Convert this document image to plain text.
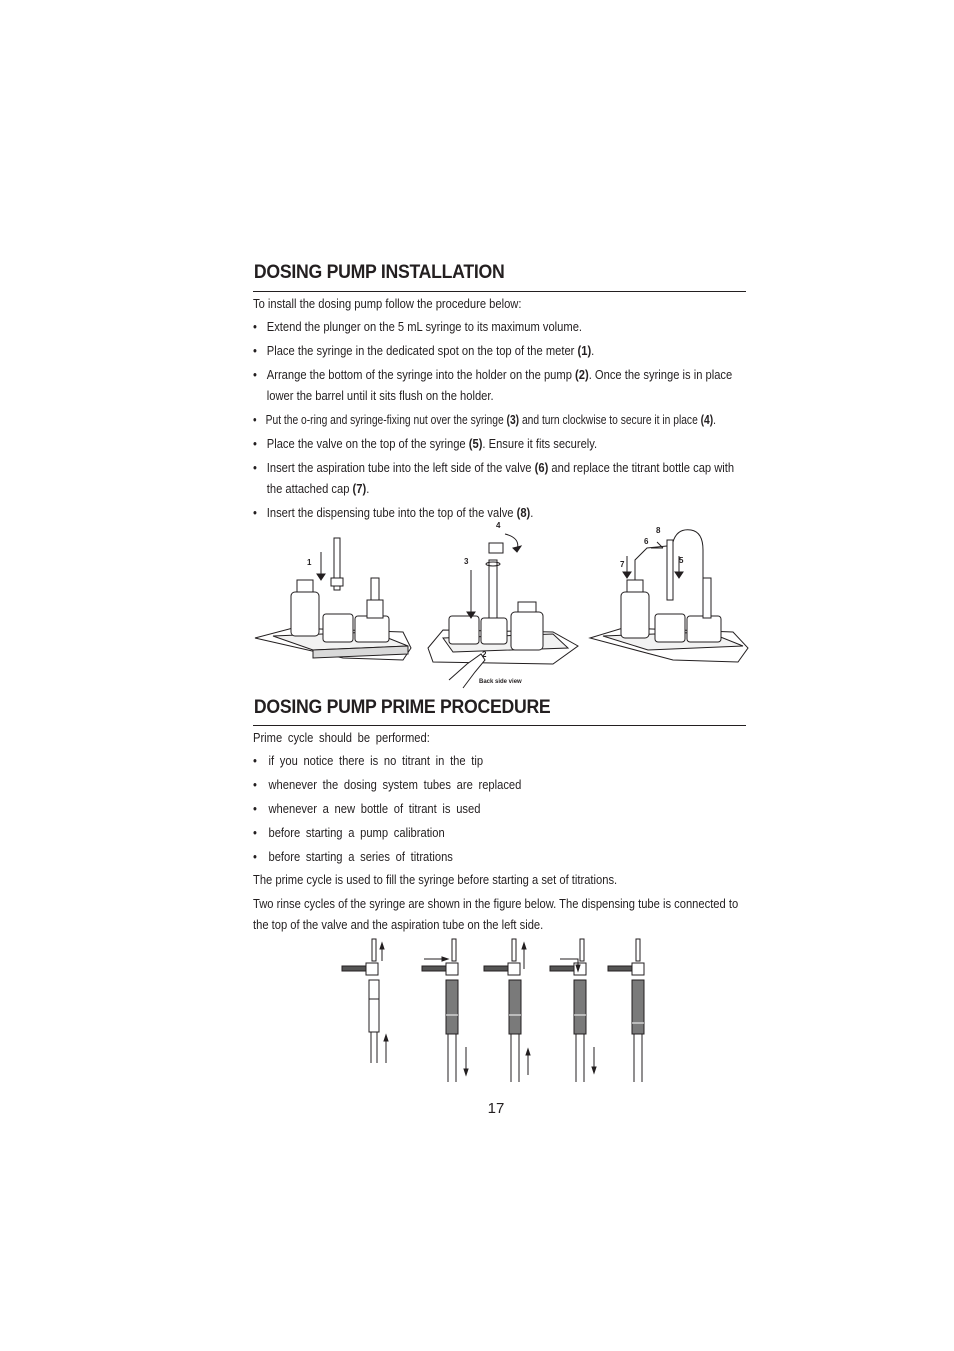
DOSING PUMP INSTALLATION

To install the dosing pump follow the procedure below:

• Extend the plunger on the 5 mL syringe to its maximum volume.
• Place the syringe in the dedicated spot on the top of the meter (1).
• Arrange the bottom of the syringe into the holder on the pump (2). Once the syringe is in place lower the barrel until it sits flush on the holder.
• Put the o-ring and syringe-fixing nut over the syringe (3) and turn clockwise to secure it in place (4).
• Place the valve on the top of the syringe (5). Ensure it fits securely.
• Insert the aspiration tube into the left side of the valve (6) and replace the titrant bottle cap with the attached cap (7).
• Insert the dispensing tube into the top of the valve (8).
1	3
4
2
Back side view
8
6
7	5
DOSING PUMP PRIME PROCEDURE

Prime cycle should be performed:

• if you notice there is no titrant in the tip
• whenever the dosing system tubes are replaced
• whenever a new bottle of titrant is used
• before starting a pump calibration
• before starting a series of titrations

The prime cycle is used to fill the syringe before starting a set of titrations.

Two rinse cycles of the syringe are shown in the figure below. The dispensing tube is connected to the top of the valve and the aspiration tube on the left side.

17
